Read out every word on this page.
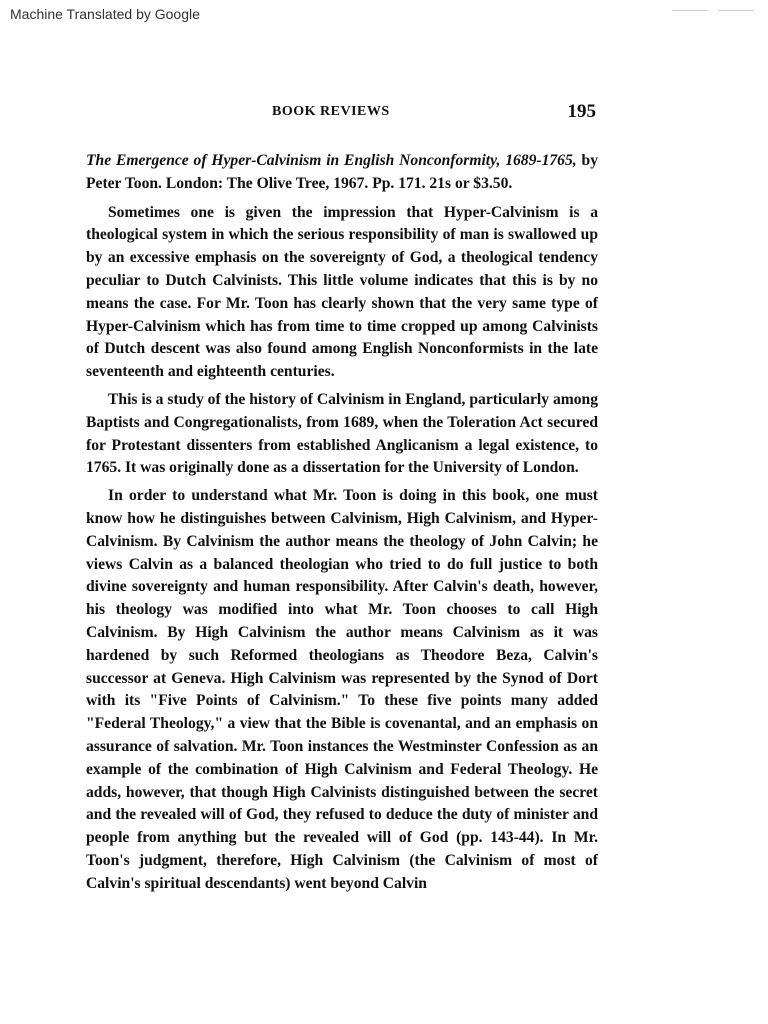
Machine Translated by Google
BOOK REVIEWS	195

The Emergence of Hyper-Calvinism in English Nonconformity, 1689-1765, by Peter Toon. London: The Olive Tree, 1967. Pp. 171. 21s or $3.50.

Sometimes one is given the impression that Hyper-Calvinism is a theological system in which the serious responsibility of man is swallowed up by an excessive emphasis on the sovereignty of God, a theological tendency peculiar to Dutch Calvinists. This little volume indicates that this is by no means the case. For Mr. Toon has clearly shown that the very same type of Hyper-Calvinism which has from time to time cropped up among Calvinists of Dutch descent was also found among English Nonconformists in the late seventeenth and eighteenth centuries.

This is a study of the history of Calvinism in England, particularly among Baptists and Congregationalists, from 1689, when the Toleration Act secured for Protestant dissenters from established Anglicanism a legal existence, to 1765. It was originally done as a dissertation for the University of London.

In order to understand what Mr. Toon is doing in this book, one must know how he distinguishes between Calvinism, High Calvinism, and Hyper-Calvinism. By Calvinism the author means the theology of John Calvin; he views Calvin as a balanced theologian who tried to do full justice to both divine sovereignty and human responsibility. After Calvin's death, however, his theology was modified into what Mr. Toon chooses to call High Calvinism. By High Calvinism the author means Calvinism as it was hardened by such Reformed theologians as Theodore Beza, Calvin's successor at Geneva. High Calvinism was represented by the Synod of Dort with its "Five Points of Calvinism." To these five points many added "Federal Theology," a view that the Bible is covenantal, and an emphasis on assurance of salvation. Mr. Toon instances the Westminster Confession as an example of the combination of High Calvinism and Federal Theology. He adds, however, that though High Calvinists distinguished between the secret and the revealed will of God, they refused to deduce the duty of minister and people from anything but the revealed will of God (pp. 143-44). In Mr. Toon's judgment, therefore, High Calvinism (the Calvinism of most of Calvin's spiritual descendants) went beyond Calvin
